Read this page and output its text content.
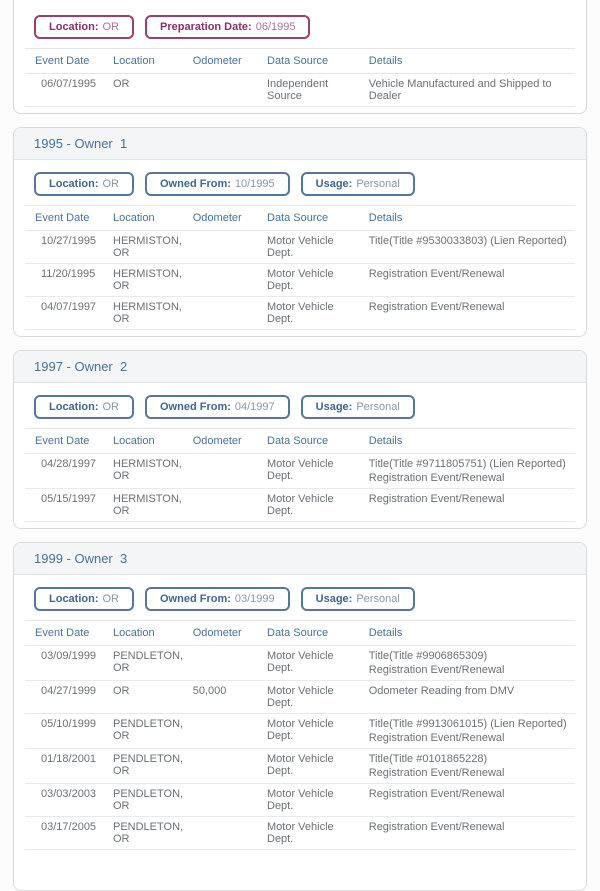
Location: OR	Preparation Date: 06/1995
Event Date	Location	Odometer	Data Source	Details
06/07/1995	OR		Independent Source	Vehicle Manufactured and Shipped to Dealer
1995 - Owner  1
Location: OR	Owned From: 10/1995	Usage: Personal
Event Date	Location	Odometer	Data Source	Details
10/27/1995	HERMISTON, OR		Motor Vehicle Dept.	Title(Title #9530033803) (Lien Reported)

11/20/1995	HERMISTON, OR		Motor Vehicle Dept.	Registration Event/Renewal

04/07/1997	HERMISTON, OR		Motor Vehicle Dept.	Registration Event/Renewal
1997 - Owner  2
Location: OR	Owned From: 04/1997	Usage: Personal
Event Date	Location	Odometer	Data Source	Details
04/28/1997	HERMISTON, OR		Motor Vehicle Dept.	Title(Title #9711805751) (Lien Reported)
Registration Event/Renewal

05/15/1997	HERMISTON, OR		Motor Vehicle Dept.	Registration Event/Renewal
1999 - Owner  3
Location: OR	Owned From: 03/1999	Usage: Personal
Event Date	Location	Odometer	Data Source	Details
03/09/1999	PENDLETON, OR		Motor Vehicle Dept.	Title(Title #9906865309)
Registration Event/Renewal

04/27/1999	OR	50,000	Motor Vehicle Dept.	Odometer Reading from DMV

05/10/1999	PENDLETON, OR		Motor Vehicle Dept.	Title(Title #9913061015) (Lien Reported)
Registration Event/Renewal

01/18/2001	PENDLETON, OR		Motor Vehicle Dept.	Title(Title #0101865228)
Registration Event/Renewal

03/03/2003	PENDLETON, OR		Motor Vehicle Dept.	Registration Event/Renewal

03/17/2005	PENDLETON, OR		Motor Vehicle Dept.	Registration Event/Renewal
